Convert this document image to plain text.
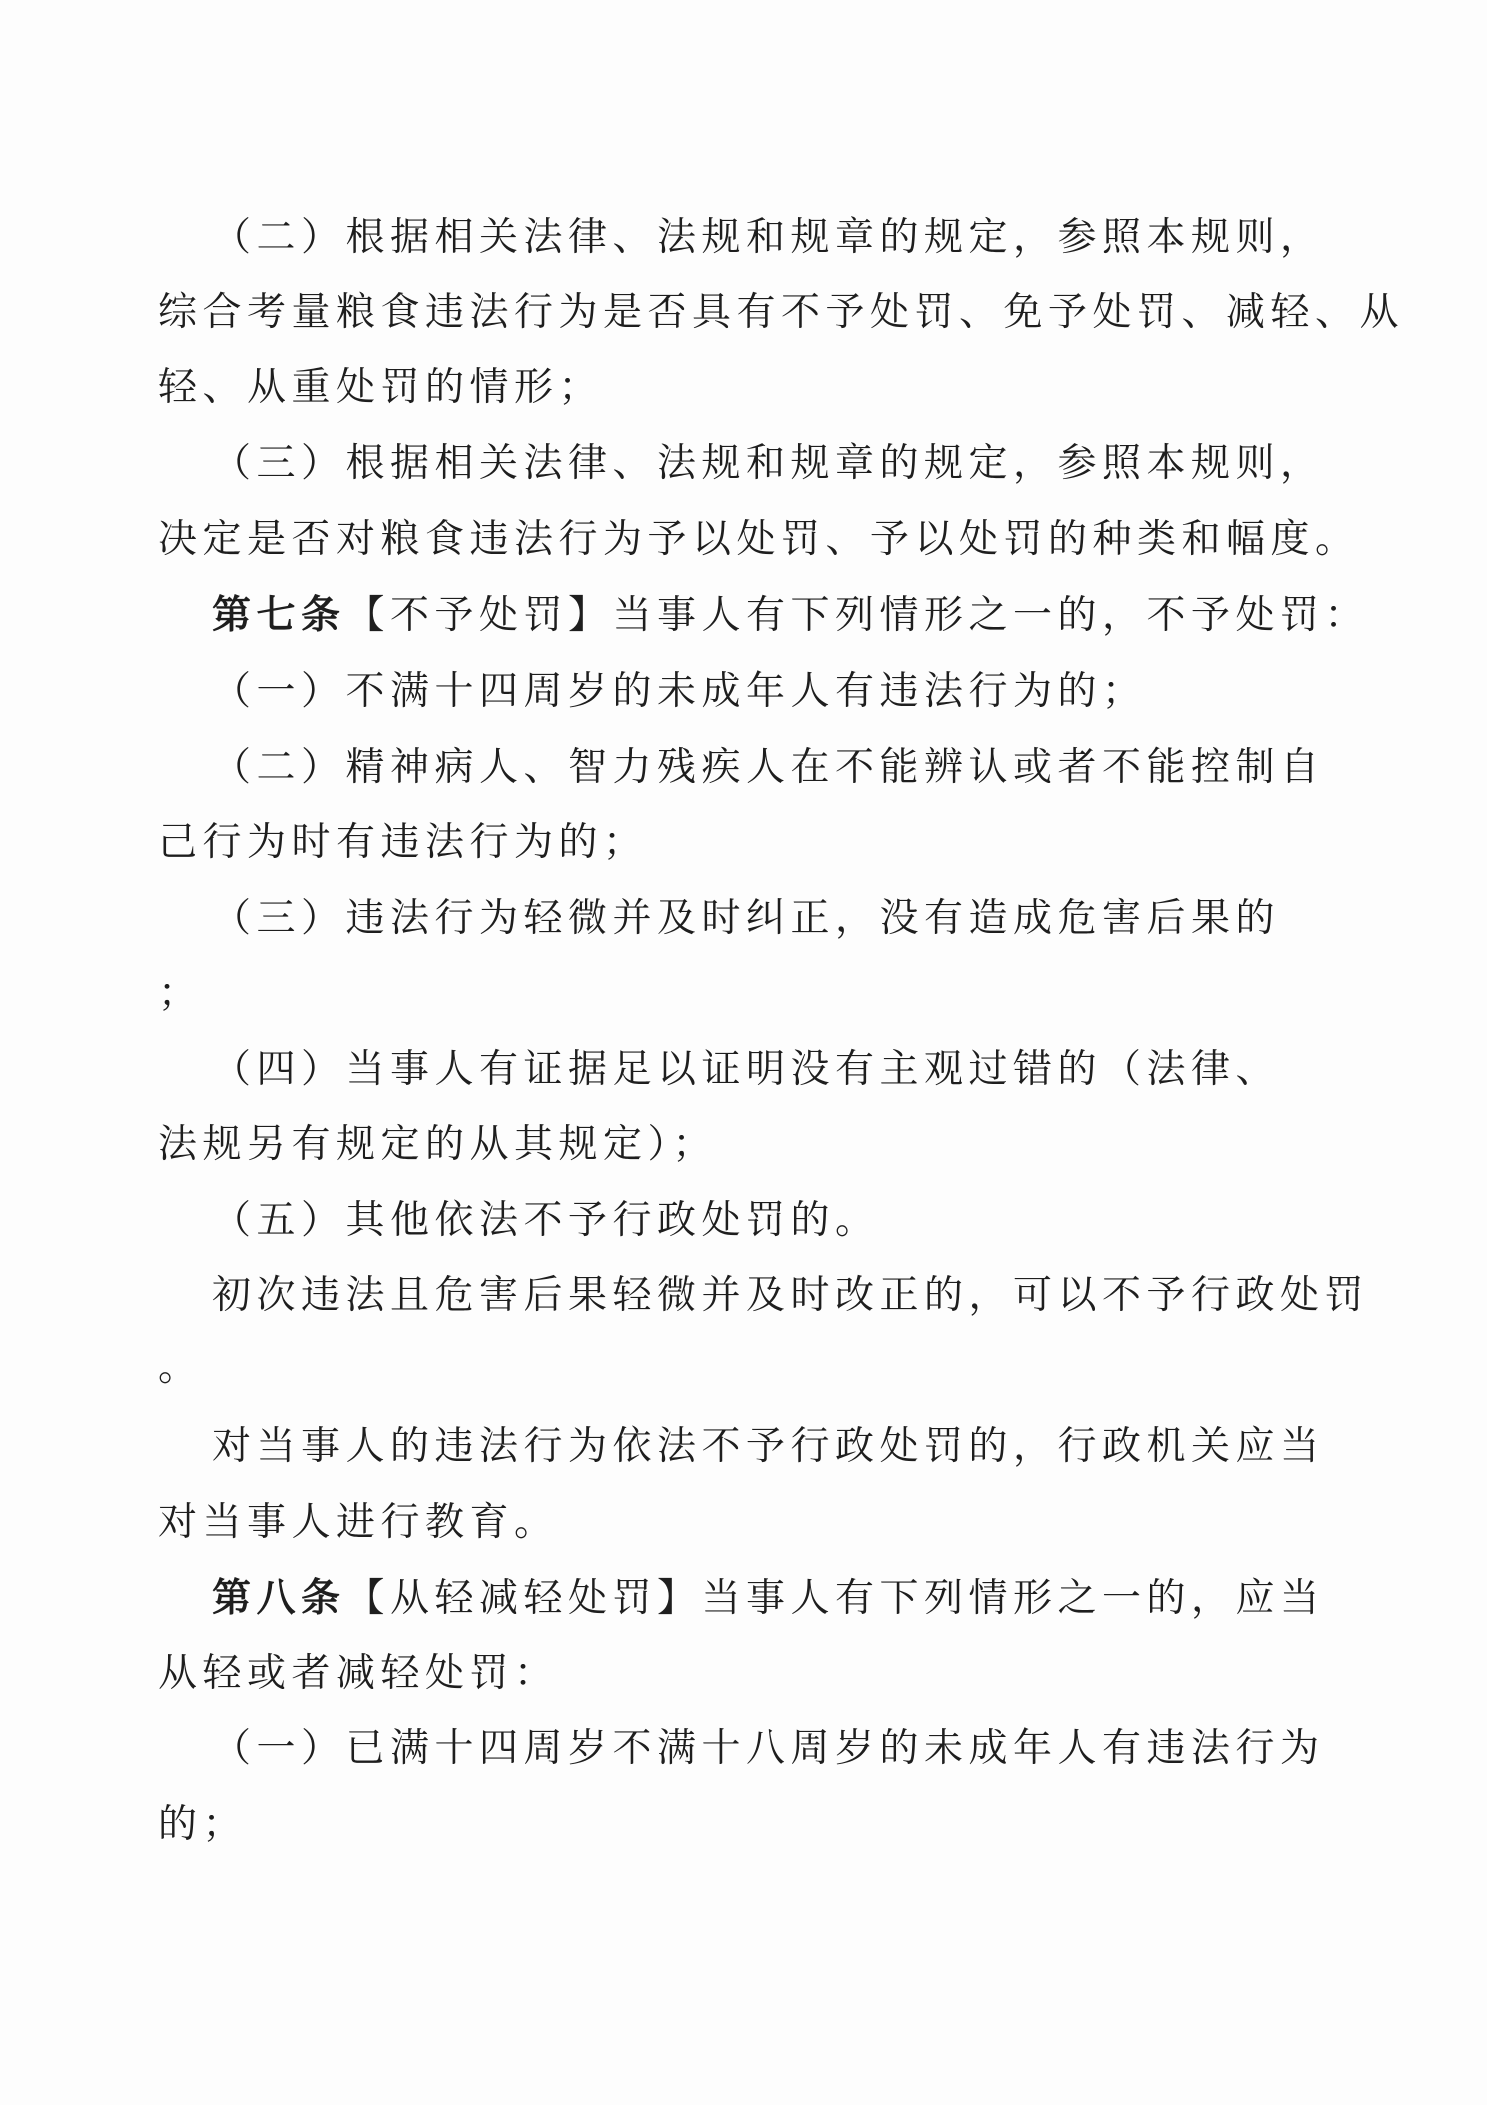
（二）根据相关法律、法规和规章的规定，参照本规则，
综合考量粮食违法行为是否具有不予处罚、免予处罚、减轻、从
轻、从重处罚的情形；
（三）根据相关法律、法规和规章的规定，参照本规则，
决定是否对粮食违法行为予以处罚、予以处罚的种类和幅度。
第七条【不予处罚】当事人有下列情形之一的，不予处罚：
（一）不满十四周岁的未成年人有违法行为的；
（二）精神病人、智力残疾人在不能辨认或者不能控制自
己行为时有违法行为的；
（三）违法行为轻微并及时纠正，没有造成危害后果的
；
（四）当事人有证据足以证明没有主观过错的（法律、
法规另有规定的从其规定）；
（五）其他依法不予行政处罚的。
初次违法且危害后果轻微并及时改正的，可以不予行政处罚
。
对当事人的违法行为依法不予行政处罚的，行政机关应当
对当事人进行教育。
第八条【从轻减轻处罚】当事人有下列情形之一的，应当
从轻或者减轻处罚：
（一）已满十四周岁不满十八周岁的未成年人有违法行为
的；
